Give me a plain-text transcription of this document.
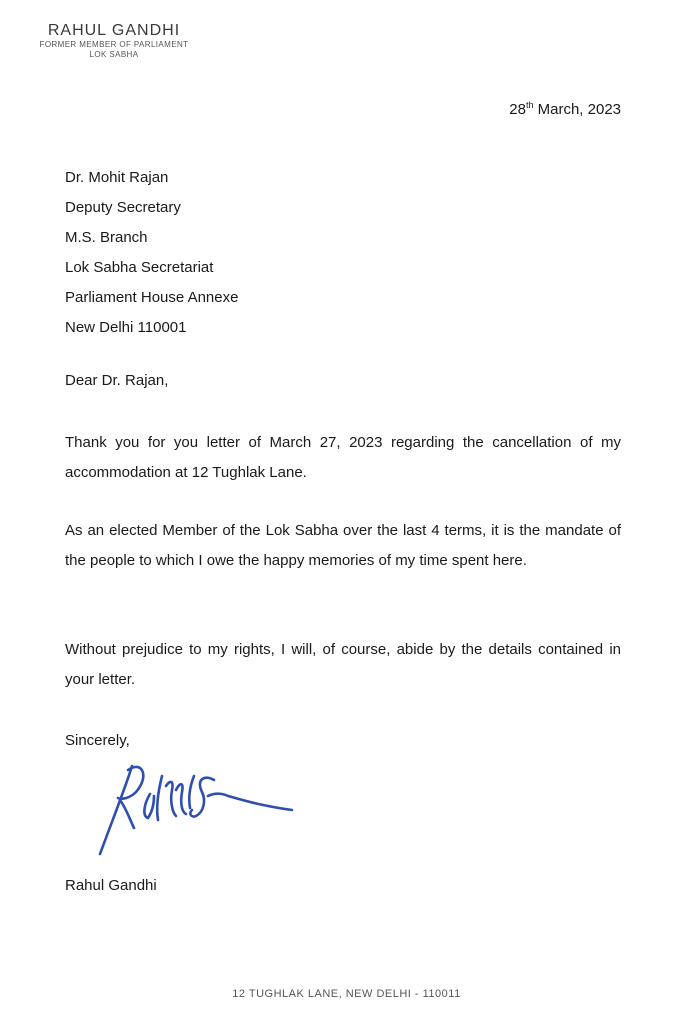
RAHUL GANDHI
FORMER MEMBER OF PARLIAMENT
LOK SABHA
28th March, 2023
Dr. Mohit Rajan
Deputy Secretary
M.S. Branch
Lok Sabha Secretariat
Parliament House Annexe
New Delhi 110001
Dear Dr. Rajan,
Thank you for you letter of March 27, 2023 regarding the cancellation of my accommodation at 12 Tughlak Lane.
As an elected Member of the Lok Sabha over the last 4 terms, it is the mandate of the people to which I owe the happy memories of my time spent here.
Without prejudice to my rights, I will, of course, abide by the details contained in your letter.
Sincerely,
Rahul Gandhi
12 TUGHLAK LANE, NEW DELHI - 110011
